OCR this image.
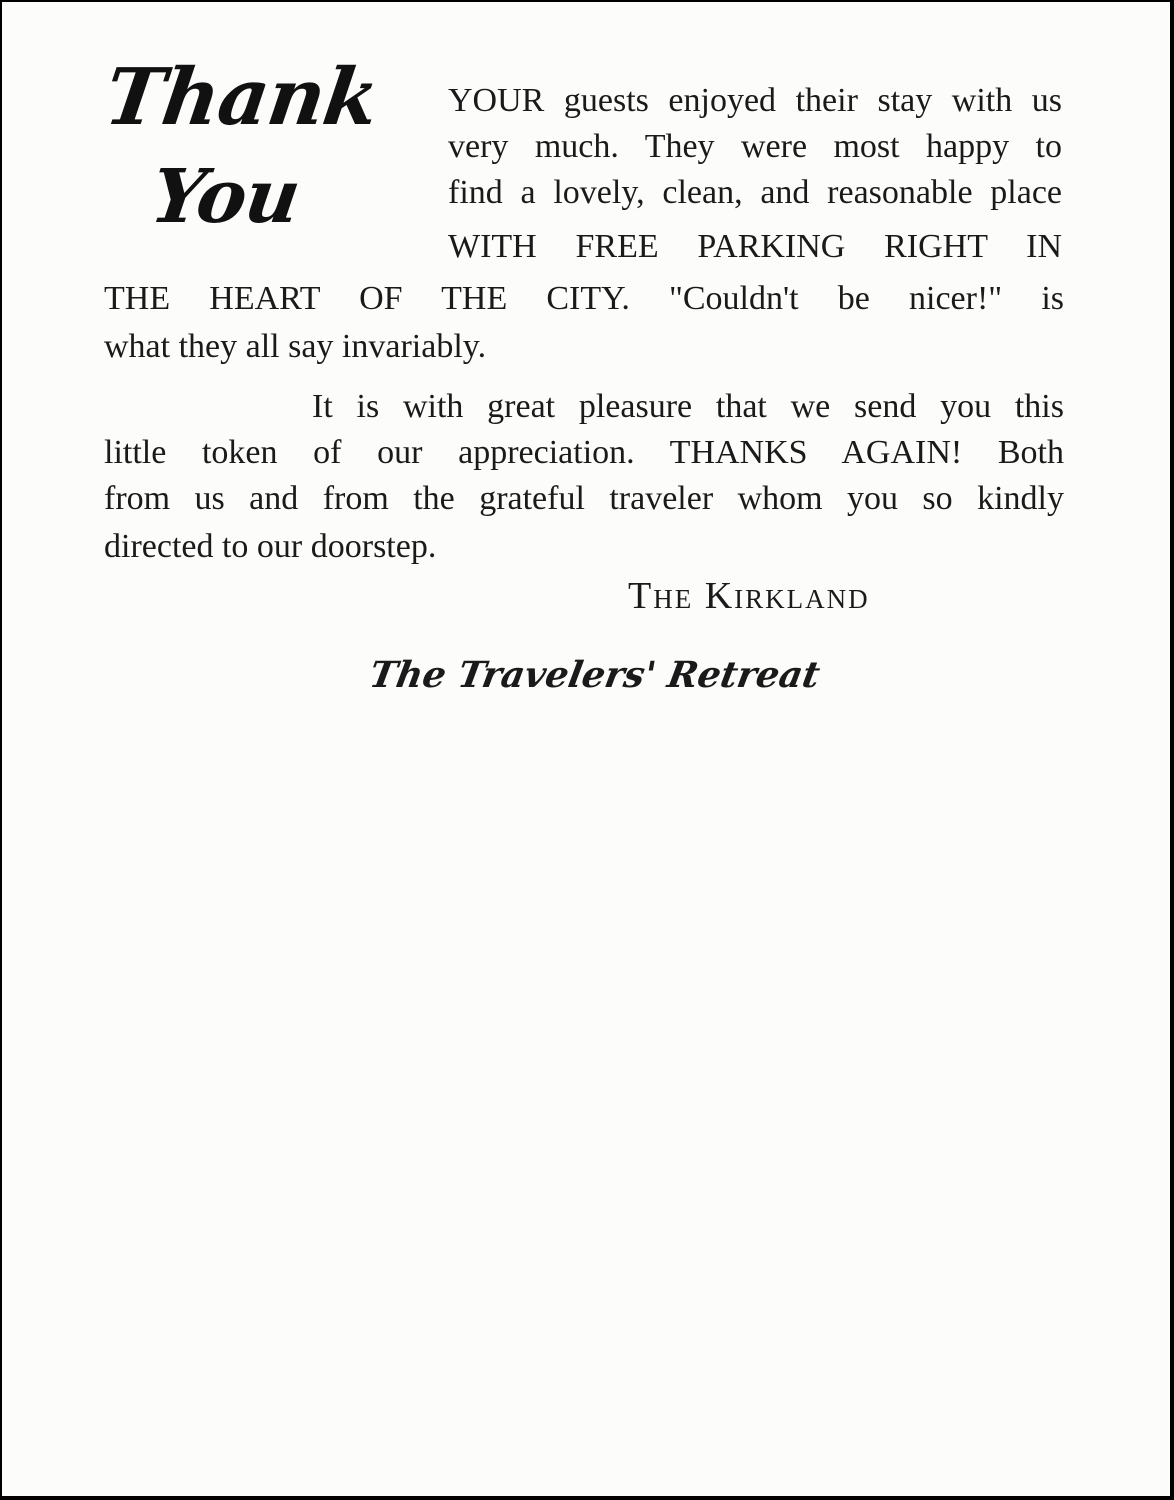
Thank
You
YOUR guests enjoyed their stay with us
very much. They were most happy to
find a lovely, clean, and reasonable place
WITH FREE PARKING RIGHT IN
THE HEART OF THE CITY. "Couldn't be nicer!" is
what they all say invariably.
It is with great pleasure that we send you this
little token of our appreciation. THANKS AGAIN! Both
from us and from the grateful traveler whom you so kindly
directed to our doorstep.
The Kirkland
The Travelers' Retreat
